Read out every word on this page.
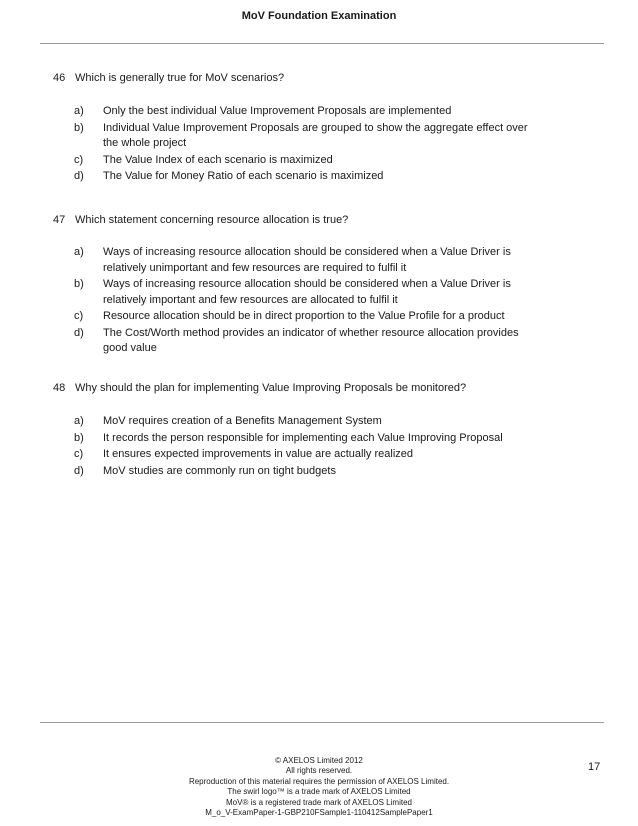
MoV Foundation Examination
46 Which is generally true for MoV scenarios?
a)	Only the best individual Value Improvement Proposals are implemented
b)	Individual Value Improvement Proposals are grouped to show the aggregate effect over the whole project
c)	The Value Index of each scenario is maximized
d)	The Value for Money Ratio of each scenario is maximized
47 Which statement concerning resource allocation is true?
a)	Ways of increasing resource allocation should be considered when a Value Driver is relatively unimportant and few resources are required to fulfil it
b)	Ways of increasing resource allocation should be considered when a Value Driver is relatively important and few resources are allocated to fulfil it
c)	Resource allocation should be in direct proportion to the Value Profile for a product
d)	The Cost/Worth method provides an indicator of whether resource allocation provides good value
48 Why should the plan for implementing Value Improving Proposals be monitored?
a)	MoV requires creation of a Benefits Management System
b)	It records the person responsible for implementing each Value Improving Proposal
c)	It ensures expected improvements in value are actually realized
d)	MoV studies are commonly run on tight budgets
© AXELOS Limited 2012
All rights reserved.
Reproduction of this material requires the permission of AXELOS Limited.
The swirl logo™ is a trade mark of AXELOS Limited
MoV® is a registered trade mark of AXELOS Limited
M_o_V-ExamPaper-1-GBP210FSample1-110412SamplePaper1
17
